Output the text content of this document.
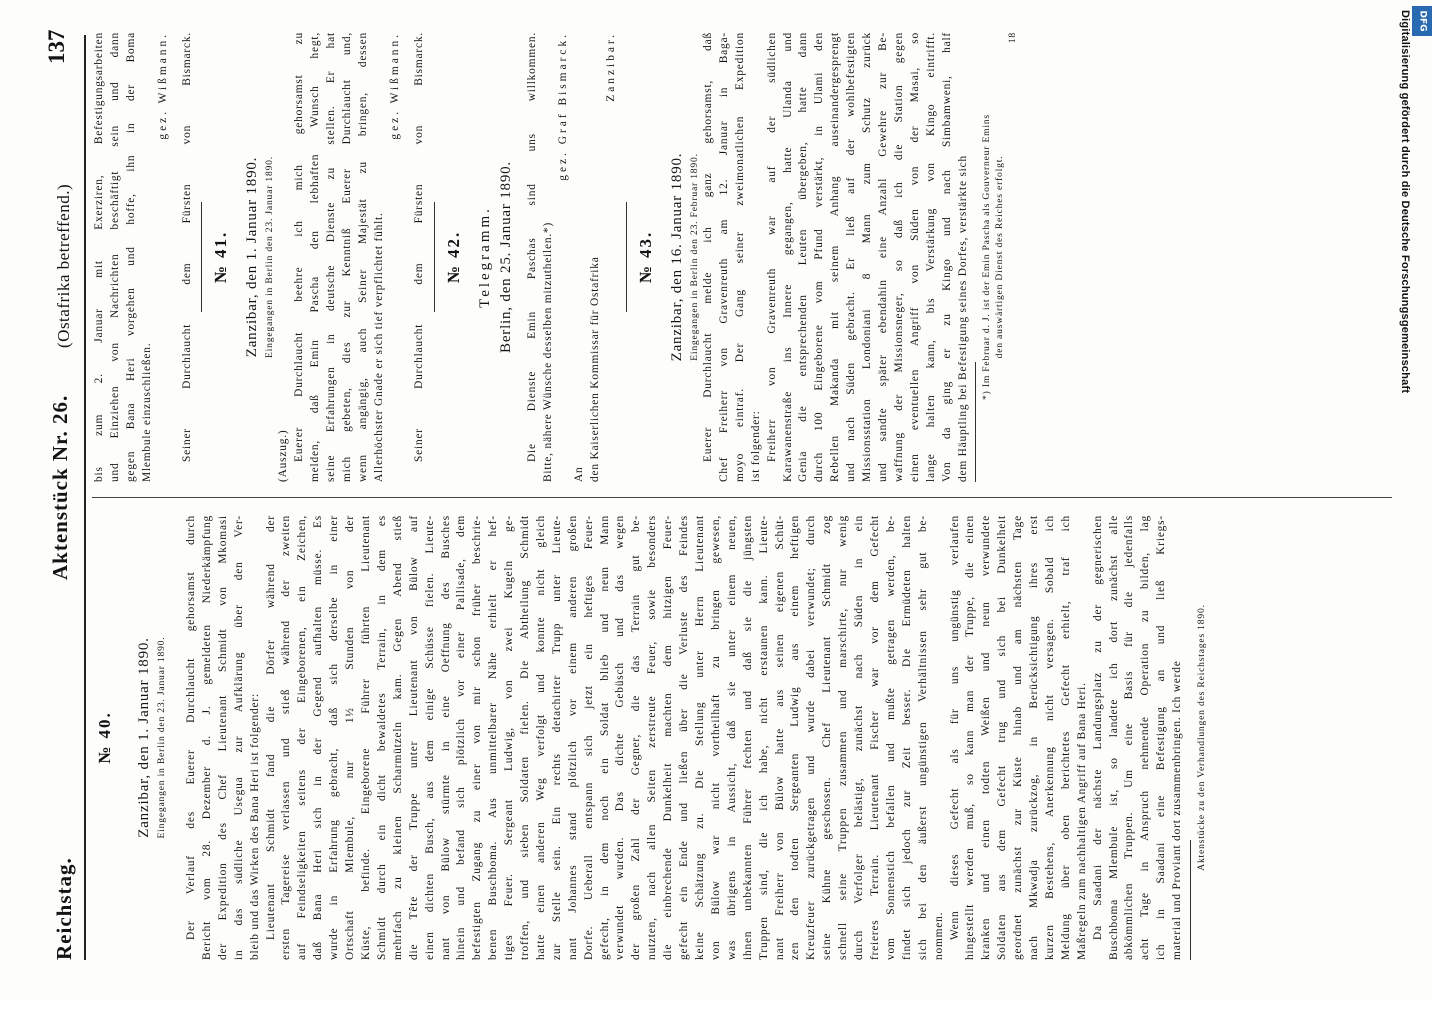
Reichstag.
Aktenstück Nr. 26.
(Ostafrika betreffend.)
137
№ 40. Zanzibar, den 1. Januar 1890. Eingegangen in Berlin den 23. Januar 1890. Der Verlauf des Euerer Durchlaucht gehorsamst durch Bericht vom 28. Dezember d. J. gemeldeten Niederkämpfung der Expedition des Chef Lieutenant Schmidt von Mkomasi in das südliche Usegua zur Aufklärung über den Ver- bleib und das Wirken des Bana Heri ist folgender: Lieutenant Schmidt fand die Dörfer während der ersten Tagereise verlassen und stieß während der zweiten auf Feindseligkeiten seitens der Eingeborenen, ein Zeichen, daß Bana Heri sich in der Gegend aufhalten müsse. Es wurde in Erfahrung gebracht, daß sich derselbe in einer Ortschaft Mlembule, nur 1½ Stunden von der Küste, befinde. Eingeborene Führer führten Lieutenant Schmidt durch ein dicht bewaldetes Terrain, in dem es mehrfach zu kleinen Scharmützeln kam. Gegen Abend stieß die Tête der Truppe unter Lieutenant von Bülow auf einen dichten Busch, aus dem einige Schüsse fielen. Lieute- nant von Bülow stürmte in eine Oeffnung des Busches hinein und befand sich plötzlich vor einer Pallisade, dem befestigten Zugang zu einer von mir schon früher beschrie- benen Buschboma. Aus unmittelbarer Nähe erhielt er hef- tiges Feuer. Sergeant Ludwig, von zwei Kugeln ge- troffen, und sieben Soldaten fielen. Die Abtheilung Schmidt hatte einen anderen Weg verfolgt und konnte nicht gleich zur Stelle sein. Ein rechts detachirter Trupp unter Lieute- nant Johannes stand plötzlich vor einem anderen großen Dorfe. Ueberall entspann sich jetzt ein heftiges Feuer- gefecht, in dem noch ein Soldat blieb und neun Mann verwundet wurden. Das dichte Gebüsch und das wegen der großen Zahl der Gegner, die das Terrain gut be- nutzten, nach allen Seiten zerstreute Feuer, sowie besonders die einbrechende Dunkelheit machten dem hitzigen Feuer- gefecht ein Ende und ließen über die Verluste des Feindes keine Schätzung zu. Die Stellung unter Herrn Lieutenant von Bülow war nicht vortheilhaft zu bringen gewesen, was übrigens in Aussicht, daß sie unter einem neuen, ihnen unbekannten Führer fechten und daß sie die jüngsten Truppen sind, die ich habe, nicht erstaunen kann. Lieute- nant Freiherr von Bülow hatte aus seinen eigenen Schüt- zen den todten Sergeanten Ludwig aus einem heftigen Kreuzfeuer zurückgetragen und wurde dabei verwundet; durch seine Kühne geschossen. Chef Lieutenant Schmidt zog schnell seine Truppen zusammen und marschirte, nur wenig durch Verfolger belästigt, zunächst nach Süden in ein freieres Terrain. Lieutenant Fischer war vor dem Gefecht vom Sonnenstich befallen und mußte getragen werden, be- findet sich jedoch zur Zeit besser. Die Ermüdeten halten sich bei den äußerst ungünstigen Verhältnissen sehr gut be- nommen. Wenn dieses Gefecht als für uns ungünstig verlaufen hingestellt werden muß, so kann man der Truppe, die einen kranken und einen todten Weißen und neun verwundete Soldaten aus dem Gefecht trug und sich bei Dunkelheit geordnet zunächst zur Küste hinab und am nächsten Tage nach Mkwadja zurückzog, in Berücksichtigung ihres erst kurzen Bestehens, Anerkennung nicht versagen. Sobald ich Meldung über oben berichtetes Gefecht erhielt, traf ich Maßregeln zum nachhaltigen Angriff auf Bana Heri. Da Saadani der nächste Landungsplatz zu der gegnerischen Buschboma Mlembule ist, so landete ich dort zunächst alle abkömmlichen Truppen. Um eine Basis für die jedenfalls acht Tage in Anspruch nehmende Operation zu bilden, lag ich in Saadani eine Befestigung an und ließ Kriegs- material und Proviant dort zusammenbringen. Ich werde	Aktenstücke zu den Verhandlungen des Reichstages 1890.
bis zum 2. Januar mit Exerziren, Befestigungsarbeiten und Einziehen von Nachrichten beschäftigt sein und dann gegen Bana Heri vorgehen und hoffe, ihn in der Boma Mlembule einzuschließen.
gez. Wißmann. Seiner Durchlaucht dem Fürsten von Bismarck. № 41. Zanzibar, den 1. Januar 1890. Eingegangen in Berlin den 23. Januar 1890.
(Auszug.) Euerer Durchlaucht beehre ich mich gehorsamst zu melden, daß Emin Pascha den lebhaften Wunsch hegt, seine Erfahrungen in deutsche Dienste zu stellen. Er hat mich gebeten, dies zur Kenntniß Euerer Durchlaucht und, wenn angängig, auch Seiner Majestät zu bringen, dessen Allerhöchster Gnade er sich tief verpflichtet fühlt.
gez. Wißmann. Seiner Durchlaucht dem Fürsten von Bismarck. № 42. Telegramm. Berlin, den 25. Januar 1890. Die Dienste Emin Paschas sind uns willkommen. Bitte, nähere Wünsche desselben mitzutheilen.*)
gez. Graf Bismarck.
An den Kaiserlichen Kommissar für Ostafrika
Zanzibar.
№ 43. Zanzibar, den 16. Januar 1890. Eingegangen in Berlin den 23. Februar 1890. Euerer Durchlaucht melde ich ganz gehorsamst, daß Chef Freiherr von Gravenreuth am 12. Januar in Baga- moyo eintraf. Der Gang seiner zweimonatlichen Expedition ist folgender: Freiherr von Gravenreuth war auf der südlichen Karawanenstraße ins Innere gegangen, hatte Ulanda und Genia die entsprechenden Leuten übergeben, hatte dann durch 100 Eingeborene vom Pfund verstärkt, in Ulami den Rebellen Makanda mit seinem Anhang auseinandergesprengt und nach Süden gebracht. Er ließ auf der wohlbefestigten Missionsstation Londoniani 8 Mann zum Schutz zurück und sandte später ebendahin eine Anzahl Gewehre zur Be- waffnung der Missionsneger, so daß ich die Station gegen einen eventuellen Angriff von Süden von der Masai, so lange halten kann, bis Verstärkung von Kingo eintrifft. Von da ging er zu Kingo und nach Simbamweni, half dem Häuptling bei Befestigung seines Dorfes, verstärkte sich	*) Im Februar d. J. ist der Emin Pascha als Gouverneur Emins den auswärtigen Dienst des Reiches erfolgt.
18	Digitalisierung gefördert durch die Deutsche Forschungsgemeinschaft DFG
